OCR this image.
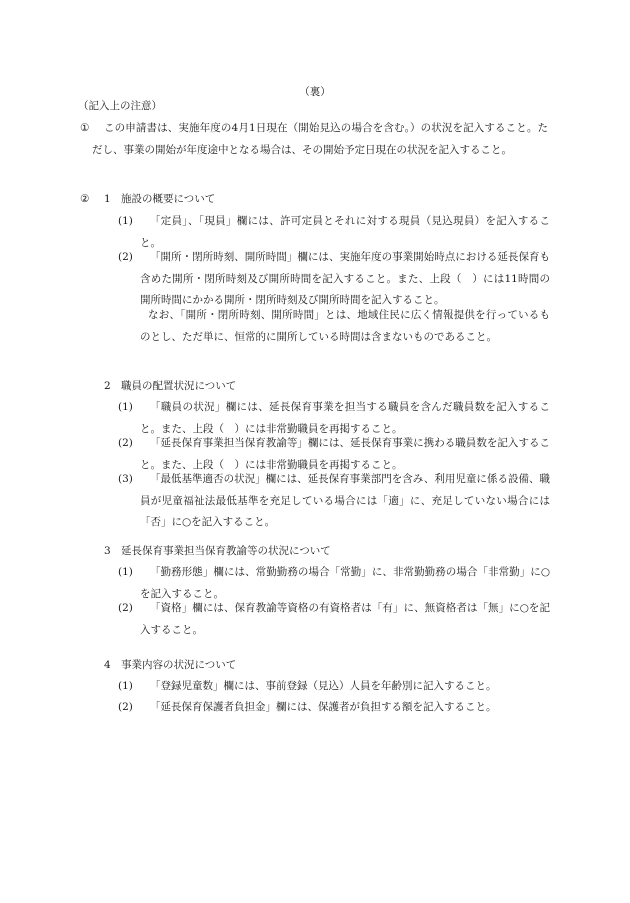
（裏）
（記入上の注意）
①	この申請書は、実施年度の4月1日現在（開始見込の場合を含む。）の状況を記入すること。ただし、事業の開始が年度途中となる場合は、その開始予定日現在の状況を記入すること。
② 1 施設の概要について
(1)	「定員」、「現員」欄には、許可定員とそれに対する現員（見込現員）を記入すること。
(2)	「開所・閉所時刻、開所時間」欄には、実施年度の事業開始時点における延長保育も含めた開所・閉所時刻及び開所時間を記入すること。また、上段（　）には11時間の開所時間にかかる開所・閉所時刻及び開所時間を記入すること。
なお、「開所・閉所時刻、開所時間」とは、地域住民に広く情報提供を行っているものとし、ただ単に、恒常的に開所している時間は含まないものであること。
2 職員の配置状況について
(1)	「職員の状況」欄には、延長保育事業を担当する職員を含んだ職員数を記入すること。また、上段（　）には非常勤職員を再掲すること。
(2)	「延長保育事業担当保育教諭等」欄には、延長保育事業に携わる職員数を記入すること。また、上段（　）には非常勤職員を再掲すること。
(3)	「最低基準適否の状況」欄には、延長保育事業部門を含み、利用児童に係る設備、職員が児童福祉法最低基準を充足している場合には「適」に、充足していない場合には「否」に○を記入すること。
3 延長保育事業担当保育教諭等の状況について
(1)	「勤務形態」欄には、常勤勤務の場合「常勤」に、非常勤勤務の場合「非常勤」に○を記入すること。
(2)	「資格」欄には、保育教諭等資格の有資格者は「有」に、無資格者は「無」に○を記入すること。
4 事業内容の状況について
(1)	「登録児童数」欄には、事前登録（見込）人員を年齢別に記入すること。
(2)	「延長保育保護者負担金」欄には、保護者が負担する額を記入すること。
